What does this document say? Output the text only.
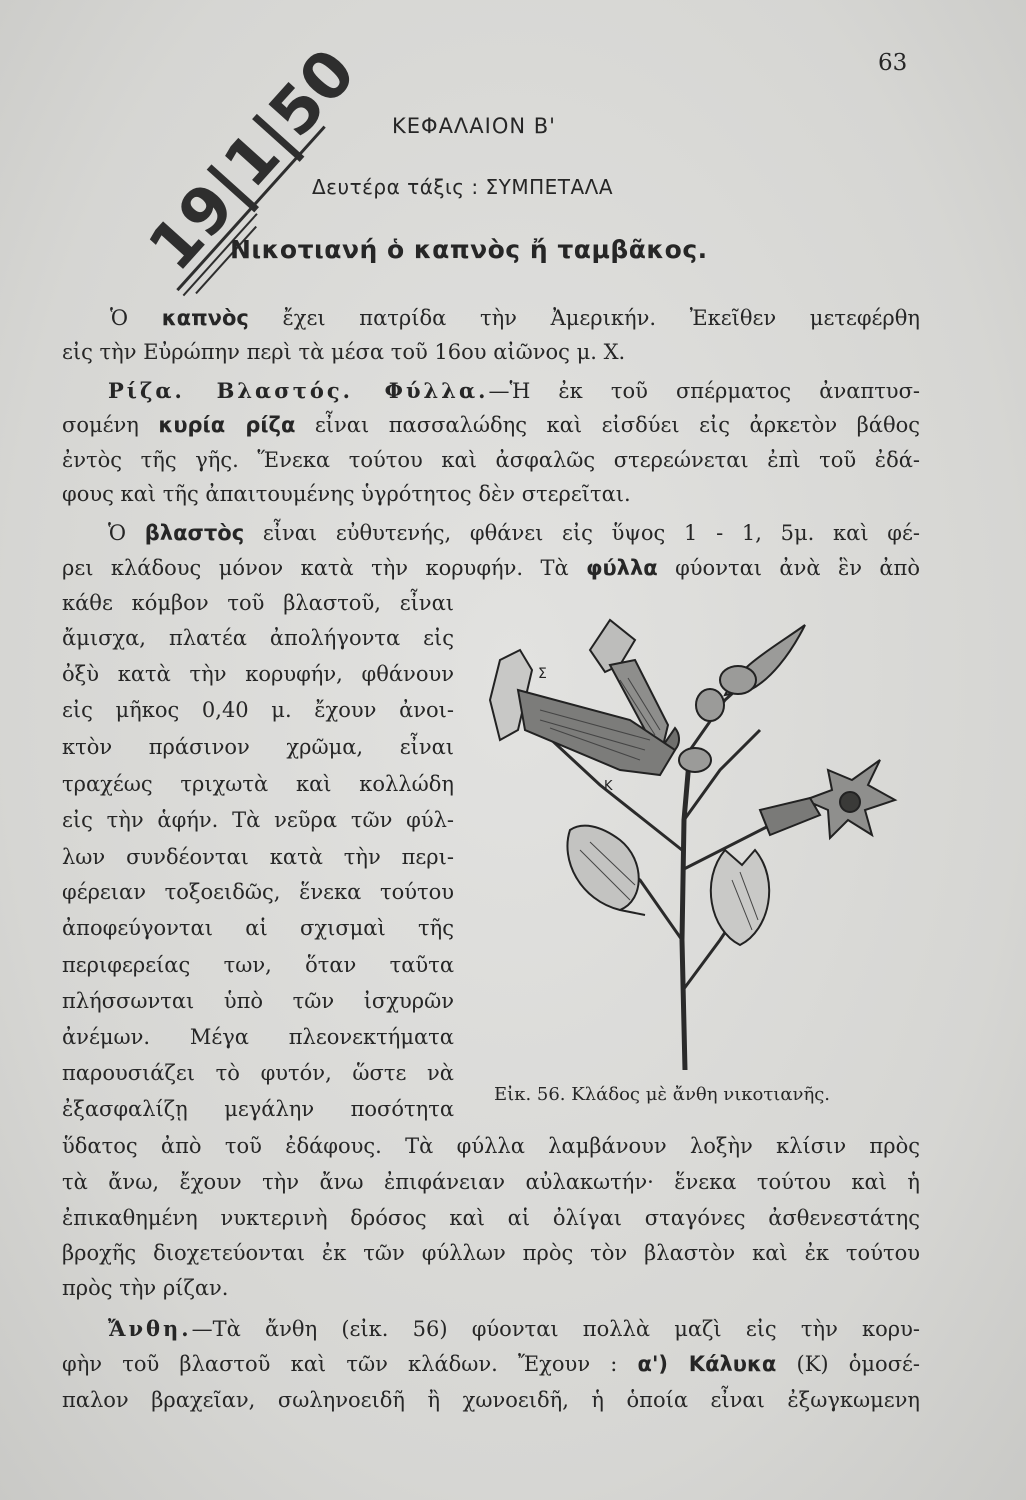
63
19|1|50 ΚΕΦΑΛΑΙΟΝ Β'
Δευτέρα τάξις : ΣΥΜΠΕΤΑΛΑ
Νικοτιανή ὁ καπνὸς ἤ ταμβᾶκος.
Ὁ καπνὸς ἔχει πατρίδα τὴν Ἀμερικήν. Ἐκεῖθεν μετεφέρθη
εἰς τὴν Εὐρώπην περὶ τὰ μέσα τοῦ 16ου αἰῶνος μ. Χ.
Ρίζα. Βλαστός. Φύλλα.—Ἡ ἐκ τοῦ σπέρματος ἀναπτυσ-
σομένη κυρία ρίζα εἶναι πασσαλώδης καὶ εἰσδύει εἰς ἀρκετὸν βάθος
ἐντὸς τῆς γῆς. Ἕνεκα τούτου καὶ ἀσφαλῶς στερεώνεται ἐπὶ τοῦ ἐδά-
φους καὶ τῆς ἀπαιτουμένης ὑγρότητος δὲν στερεῖται.
Ὁ βλαστὸς εἶναι εὐθυτενής, φθάνει εἰς ὕψος 1 - 1, 5μ. καὶ φέ-
ρει κλάδους μόνον κατὰ τὴν κορυφήν. Τὰ φύλλα φύονται ἀνὰ ἓν ἀπὸ
κάθε κόμβον τοῦ βλαστοῦ, εἶναι
ἄμισχα, πλατέα ἀπολήγοντα εἰς
ὀξὺ κατὰ τὴν κορυφήν, φθάνουν
εἰς μῆκος 0,40 μ. ἔχουν ἀνοι-
κτὸν πράσινον χρῶμα, εἶναι
τραχέως τριχωτὰ καὶ κολλώδη
εἰς τὴν ἁφήν. Τὰ νεῦρα τῶν φύλ-
λων συνδέονται κατὰ τὴν περι-
φέρειαν τοξοειδῶς, ἕνεκα τούτου
ἀποφεύγονται αἱ σχισμαὶ τῆς
περιφερείας των, ὅταν ταῦτα
πλήσσωνται ὑπὸ τῶν ἰσχυρῶν
ἀνέμων. Μέγα πλεονεκτήματα
παρουσιάζει τὸ φυτόν, ὥστε νὰ
ἐξασφαλίζῃ μεγάλην ποσότητα
ὕδατος ἀπὸ τοῦ ἐδάφους. Τὰ φύλλα λαμβάνουν λοξὴν κλίσιν πρὸς
τὰ ἄνω, ἔχουν τὴν ἄνω ἐπιφάνειαν αὐλακωτήν· ἕνεκα τούτου καὶ ἡ
ἐπικαθημένη νυκτερινὴ δρόσος καὶ αἱ ὀλίγαι σταγόνες ἀσθενεστάτης
βροχῆς διοχετεύονται ἐκ τῶν φύλλων πρὸς τὸν βλαστὸν καὶ ἐκ τούτου
πρὸς τὴν ρίζαν.
Ἄνθη.—Τὰ ἄνθη (εἰκ. 56) φύονται πολλὰ μαζὶ εἰς τὴν κορυ-
φὴν τοῦ βλαστοῦ καὶ τῶν κλάδων. Ἔχουν : α') Κάλυκα (Κ) ὁμοσέ-
παλον βραχεῖαν, σωληνοειδῆ ἢ χωνοειδῆ, ἡ ὁποία εἶναι ἐξωγκωμενη
Σ
Κ
Εἰκ. 56. Κλάδος μὲ ἄνθη νικοτιανῆς.
